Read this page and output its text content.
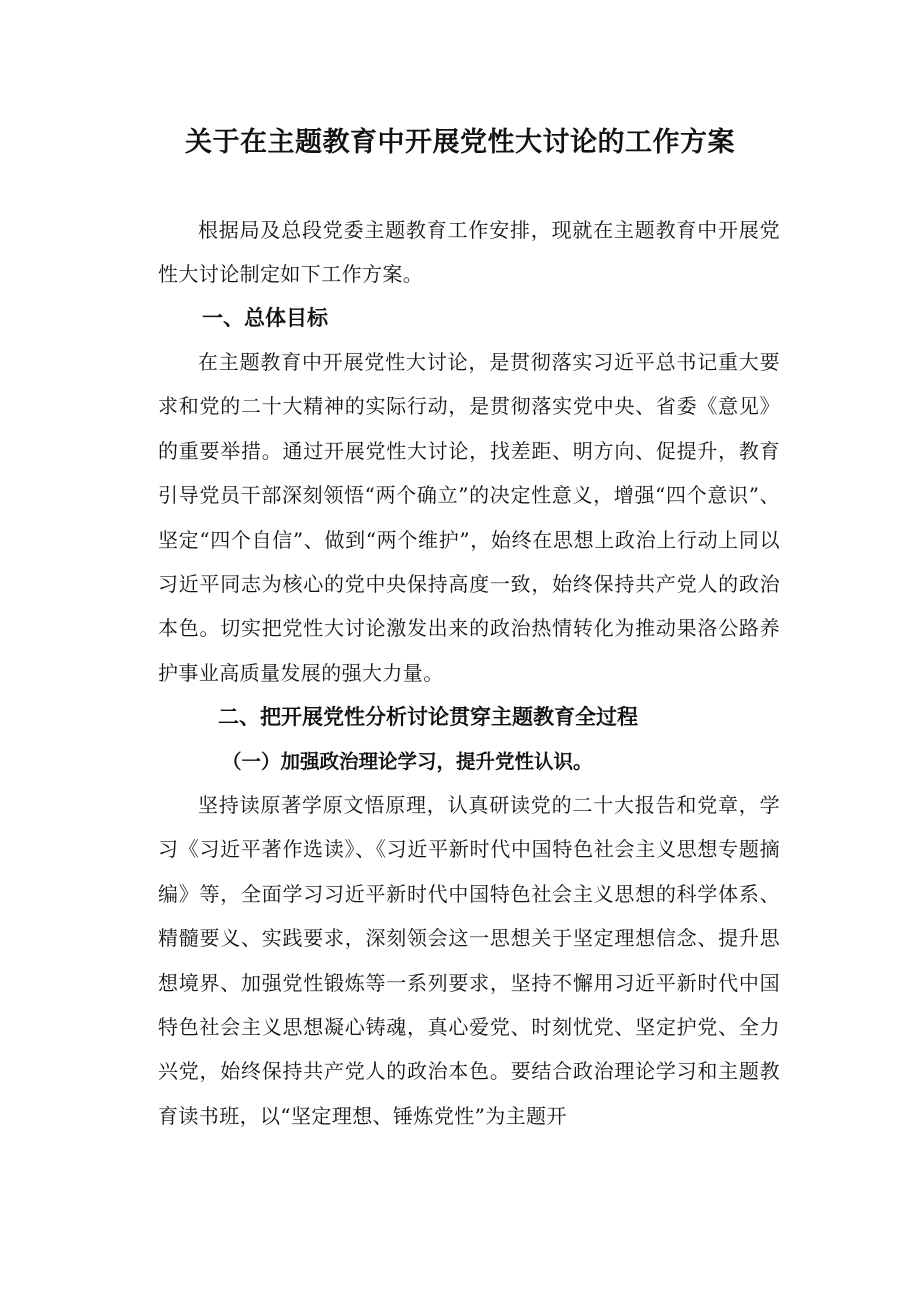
关于在主题教育中开展党性大讨论的工作方案

根据局及总段党委主题教育工作安排，现就在主题教育中开展党性大讨论制定如下工作方案。

一、总体目标

在主题教育中开展党性大讨论，是贯彻落实习近平总书记重大要求和党的二十大精神的实际行动，是贯彻落实党中央、省委《意见》的重要举措。通过开展党性大讨论，找差距、明方向、促提升，教育引导党员干部深刻领悟“两个确立”的决定性意义，增强“四个意识”、坚定“四个自信”、做到“两个维护”，始终在思想上政治上行动上同以习近平同志为核心的党中央保持高度一致，始终保持共产党人的政治本色。切实把党性大讨论激发出来的政治热情转化为推动果洛公路养护事业高质量发展的强大力量。

二、把开展党性分析讨论贯穿主题教育全过程
（一）加强政治理论学习，提升党性认识。

坚持读原著学原文悟原理，认真研读党的二十大报告和党章，学习《习近平著作选读》、《习近平新时代中国特色社会主义思想专题摘编》等，全面学习习近平新时代中国特色社会主义思想的科学体系、精髓要义、实践要求，深刻领会这一思想关于坚定理想信念、提升思想境界、加强党性锻炼等一系列要求，坚持不懈用习近平新时代中国特色社会主义思想凝心铸魂，真心爱党、时刻忧党、坚定护党、全力兴党，始终保持共产党人的政治本色。要结合政治理论学习和主题教育读书班，以“坚定理想、锤炼党性”为主题开
